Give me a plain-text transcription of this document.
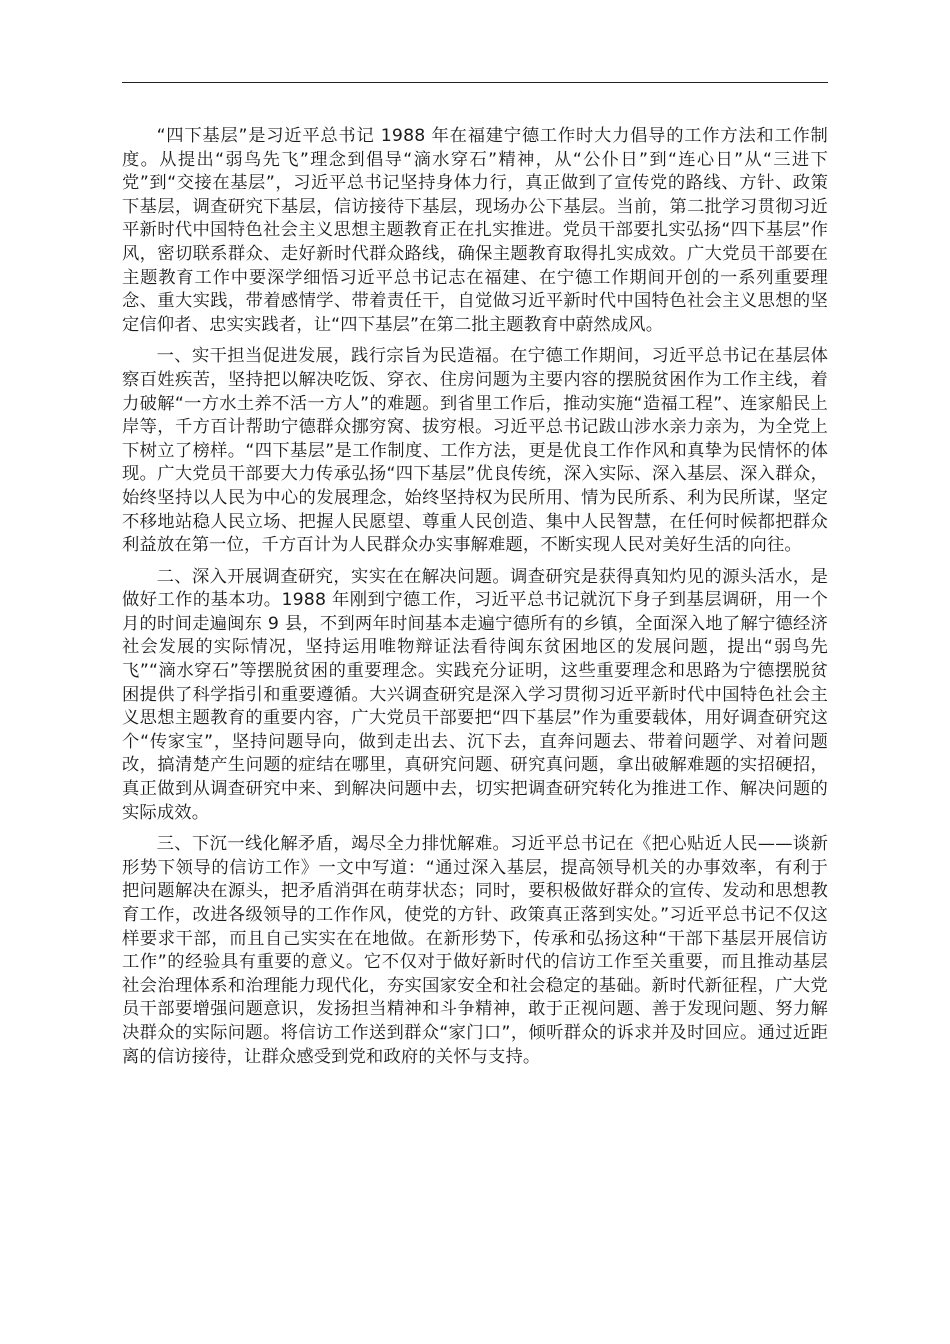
“四下基层”是习近平总书记 1988 年在福建宁德工作时大力倡导的工作方法和工作制度。从提出“弱鸟先飞”理念到倡导“滴水穿石”精神，从“公仆日”到“连心日”从“三进下党”到“交接在基层”，习近平总书记坚持身体力行，真正做到了宣传党的路线、方针、政策下基层，调查研究下基层，信访接待下基层，现场办公下基层。当前，第二批学习贯彻习近平新时代中国特色社会主义思想主题教育正在扎实推进。党员干部要扎实弘扬“四下基层”作风，密切联系群众、走好新时代群众路线，确保主题教育取得扎实成效。广大党员干部要在主题教育工作中要深学细悟习近平总书记志在福建、在宁德工作期间开创的一系列重要理念、重大实践，带着感情学、带着责任干，自觉做习近平新时代中国特色社会主义思想的坚定信仰者、忠实实践者，让“四下基层”在第二批主题教育中蔚然成风。

一、实干担当促进发展，践行宗旨为民造福。在宁德工作期间，习近平总书记在基层体察百姓疾苦，坚持把以解决吃饭、穿衣、住房问题为主要内容的摆脱贫困作为工作主线，着力破解“一方水土养不活一方人”的难题。到省里工作后，推动实施“造福工程”、连家船民上岸等，千方百计帮助宁德群众挪穷窝、拔穷根。习近平总书记跋山涉水亲力亲为，为全党上下树立了榜样。“四下基层”是工作制度、工作方法，更是优良工作作风和真挚为民情怀的体现。广大党员干部要大力传承弘扬“四下基层”优良传统，深入实际、深入基层、深入群众，始终坚持以人民为中心的发展理念，始终坚持权为民所用、情为民所系、利为民所谋，坚定不移地站稳人民立场、把握人民愿望、尊重人民创造、集中人民智慧，在任何时候都把群众利益放在第一位，千方百计为人民群众办实事解难题，不断实现人民对美好生活的向往。

二、深入开展调查研究，实实在在解决问题。调查研究是获得真知灼见的源头活水，是做好工作的基本功。1988 年刚到宁德工作，习近平总书记就沉下身子到基层调研，用一个月的时间走遍闽东 9 县，不到两年时间基本走遍宁德所有的乡镇，全面深入地了解宁德经济社会发展的实际情况，坚持运用唯物辩证法看待闽东贫困地区的发展问题，提出“弱鸟先飞”“滴水穿石”等摆脱贫困的重要理念。实践充分证明，这些重要理念和思路为宁德摆脱贫困提供了科学指引和重要遵循。大兴调查研究是深入学习贯彻习近平新时代中国特色社会主义思想主题教育的重要内容，广大党员干部要把“四下基层”作为重要载体，用好调查研究这个“传家宝”，坚持问题导向，做到走出去、沉下去，直奔问题去、带着问题学、对着问题改，搞清楚产生问题的症结在哪里，真研究问题、研究真问题，拿出破解难题的实招硬招，真正做到从调查研究中来、到解决问题中去，切实把调查研究转化为推进工作、解决问题的实际成效。

三、下沉一线化解矛盾，竭尽全力排忧解难。习近平总书记在《把心贴近人民——谈新形势下领导的信访工作》一文中写道：“通过深入基层，提高领导机关的办事效率，有利于把问题解决在源头，把矛盾消弭在萌芽状态；同时，要积极做好群众的宣传、发动和思想教育工作，改进各级领导的工作作风，使党的方针、政策真正落到实处。”习近平总书记不仅这样要求干部，而且自己实实在在地做。在新形势下，传承和弘扬这种“干部下基层开展信访工作”的经验具有重要的意义。它不仅对于做好新时代的信访工作至关重要，而且推动基层社会治理体系和治理能力现代化，夯实国家安全和社会稳定的基础。新时代新征程，广大党员干部要增强问题意识，发扬担当精神和斗争精神，敢于正视问题、善于发现问题、努力解决群众的实际问题。将信访工作送到群众“家门口”，倾听群众的诉求并及时回应。通过近距离的信访接待，让群众感受到党和政府的关怀与支持。
